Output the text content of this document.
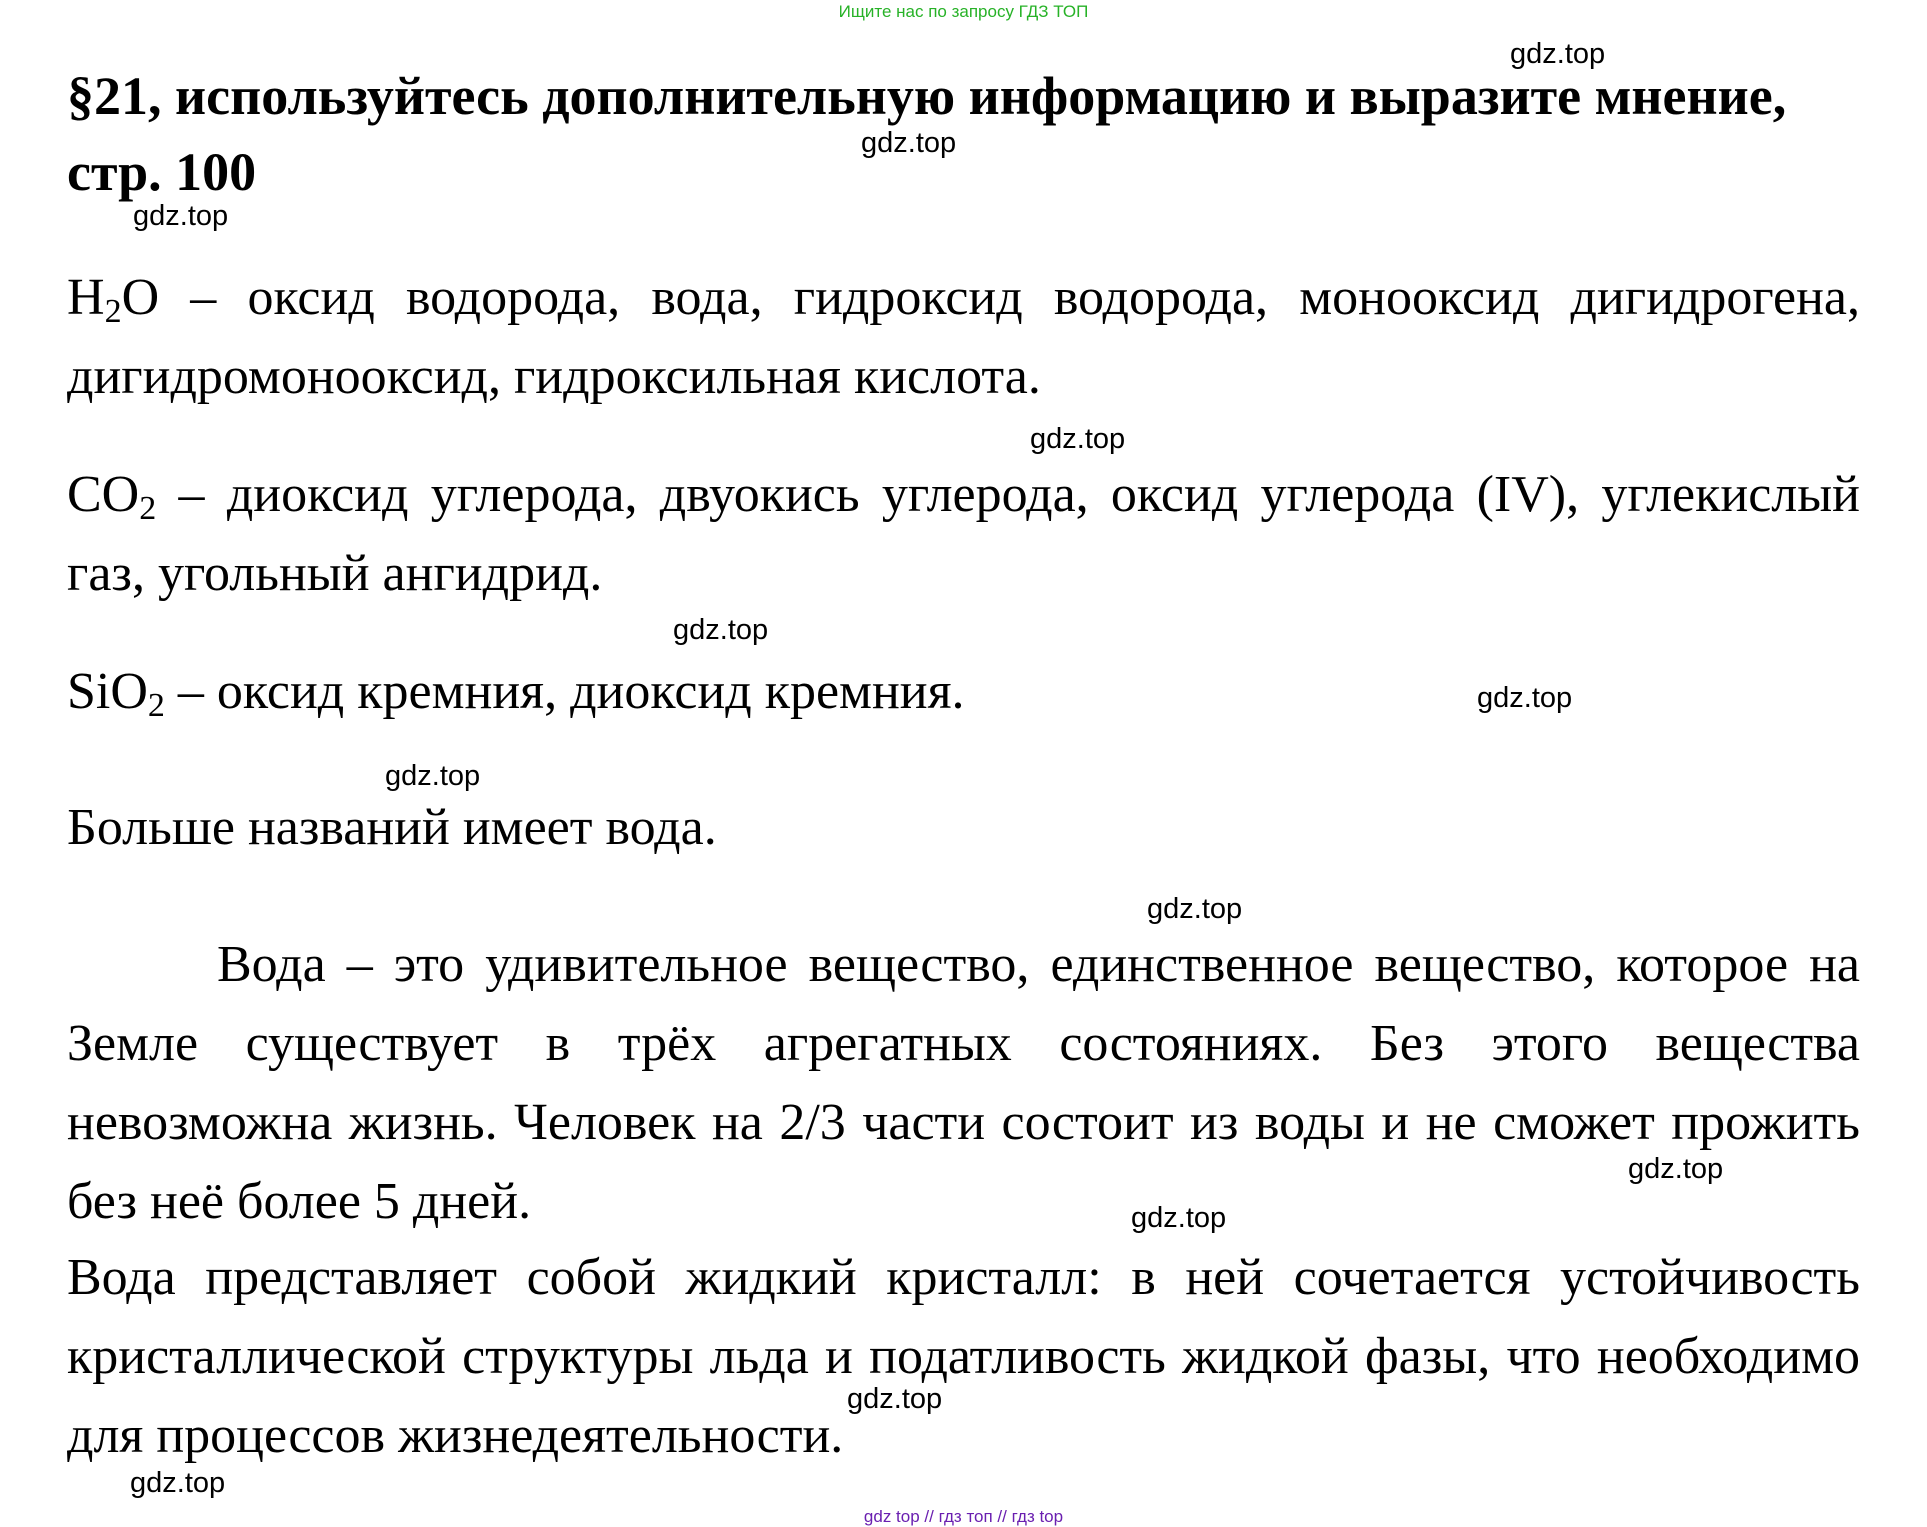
Ищите нас по запросу ГДЗ ТОП
§21, используйтесь дополнительную информацию и выразите мнение, стр. 100
$H_2O$ – оксид водорода, вода, гидроксид водорода, монооксид дигидрогена, дигидромонооксид, гидроксильная кислота.
$CO_2$ – диоксид углерода, двуокись углерода, оксид углерода (IV), углекислый газ, угольный ангидрид.
SiO$_2$ – оксид кремния, диоксид кремния.
Больше названий имеет вода.
Вода – это удивительное вещество, единственное вещество, которое на Земле существует в трёх агрегатных состояниях. Без этого вещества невозможна жизнь. Человек на 2/3 части состоит из воды и не сможет прожить без неё более 5 дней.
Вода представляет собой жидкий кристалл: в ней сочетается устойчивость кристаллической структуры льда и податливость жидкой фазы, что необходимо для процессов жизнедеятельности.
gdz.top
gdz.top
gdz.top
gdz.top
gdz.top
gdz.top
gdz.top
gdz.top
gdz.top
gdz.top
gdz.top
gdz.top
gdz top // гдз топ // гдз top
